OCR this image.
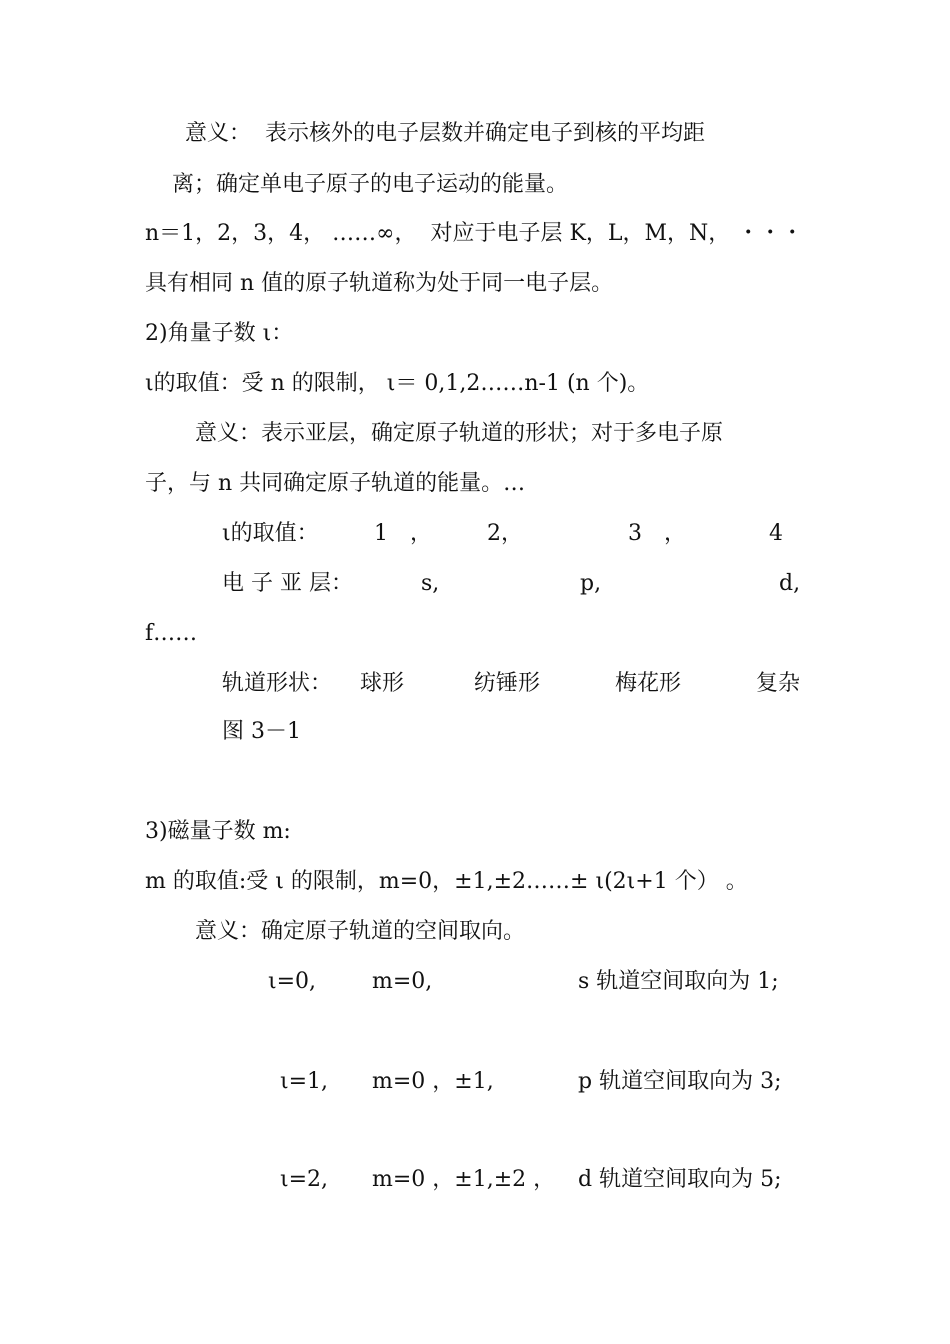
意义：  表示核外的电子层数并确定电子到核的平均距
离；确定单电子原子的电子运动的能量。
n＝1，2，3，4， ……∞，  对应于电子层 K，L，M，N， ・・・
具有相同 n 值的原子轨道称为处于同一电子层。
2)角量子数 ι：
ι的取值：受 n 的限制， ι＝ 0,1,2……n-1 (n 个)。
意义：表示亚层，确定原子轨道的形状；对于多电子原
子，与 n 共同确定原子轨道的能量。…
ι的取值：	1　，	2，	3　，	4
电 子 亚 层：	s,	p,	d,
f……
轨道形状： 球形	纺锤形	梅花形	复杂
图 3－1
3)磁量子数 m:
m 的取值:受 ι 的限制，m=0，±1,±2……± ι(2ι+1 个） 。
意义：确定原子轨道的空间取向。
ι=0,	m=0,	s 轨道空间取向为 1;
ι=1, m=0 ，±1,	p 轨道空间取向为 3;
ι=2, m=0 ，±1,±2 ， d 轨道空间取向为 5;
